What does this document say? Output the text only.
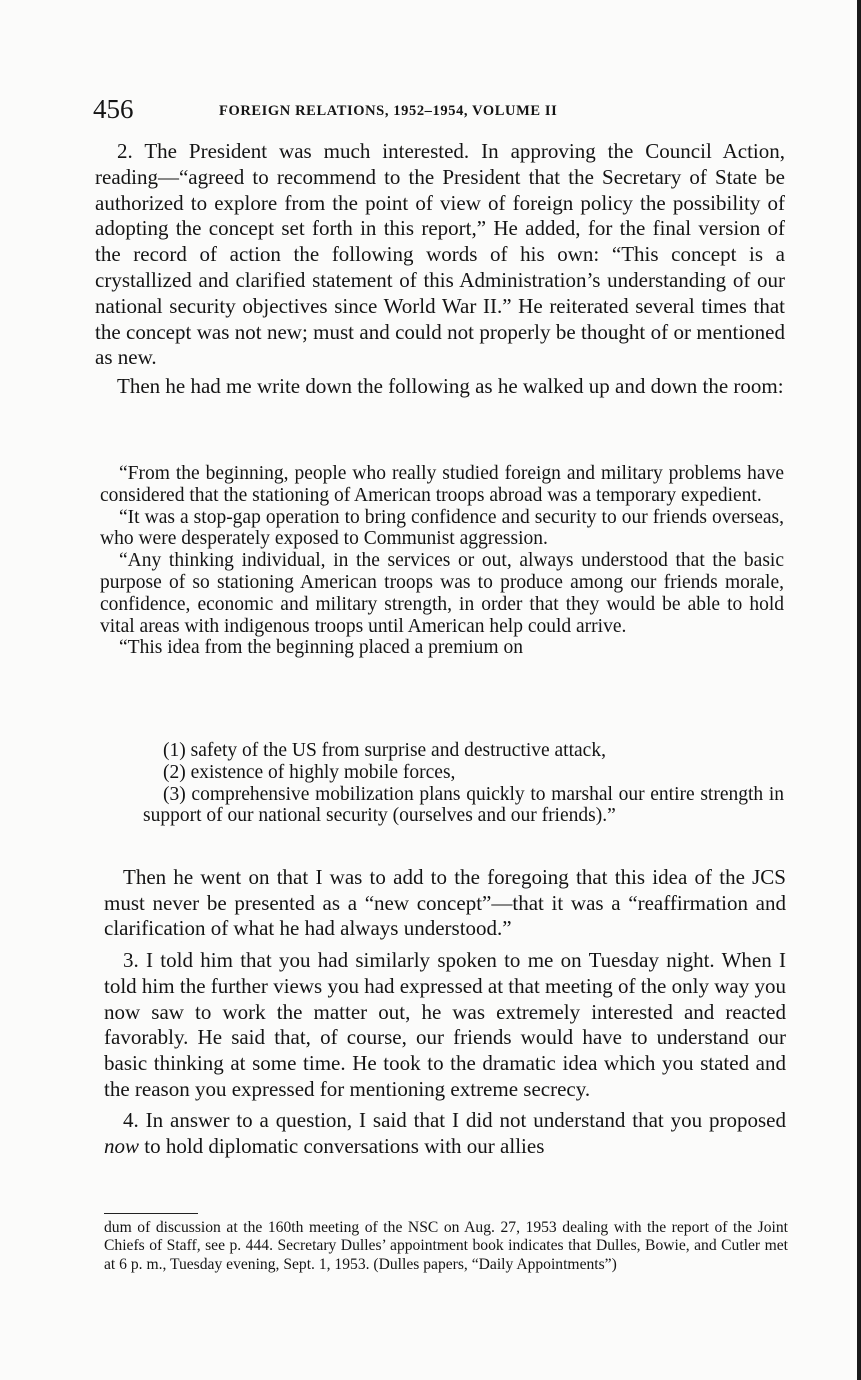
456	FOREIGN RELATIONS, 1952–1954, VOLUME II

2. The President was much interested. In approving the Council Action, reading—“agreed to recommend to the President that the Secretary of State be authorized to explore from the point of view of foreign policy the possibility of adopting the concept set forth in this report,” He added, for the final version of the record of action the following words of his own: “This concept is a crystallized and clarified statement of this Administration’s understanding of our national security objectives since World War II.” He reiterated several times that the concept was not new; must and could not properly be thought of or mentioned as new.

Then he had me write down the following as he walked up and down the room:

“From the beginning, people who really studied foreign and military problems have considered that the stationing of American troops abroad was a temporary expedient.

“It was a stop-gap operation to bring confidence and security to our friends overseas, who were desperately exposed to Communist aggression.

“Any thinking individual, in the services or out, always understood that the basic purpose of so stationing American troops was to produce among our friends morale, confidence, economic and military strength, in order that they would be able to hold vital areas with indigenous troops until American help could arrive.

“This idea from the beginning placed a premium on

(1) safety of the US from surprise and destructive attack,

(2) existence of highly mobile forces,

(3) comprehensive mobilization plans quickly to marshal our entire strength in support of our national security (ourselves and our friends).”

Then he went on that I was to add to the foregoing that this idea of the JCS must never be presented as a “new concept”—that it was a “reaffirmation and clarification of what he had always understood.”

3. I told him that you had similarly spoken to me on Tuesday night. When I told him the further views you had expressed at that meeting of the only way you now saw to work the matter out, he was extremely interested and reacted favorably. He said that, of course, our friends would have to understand our basic thinking at some time. He took to the dramatic idea which you stated and the reason you expressed for mentioning extreme secrecy.

4. In answer to a question, I said that I did not understand that you proposed now to hold diplomatic conversations with our allies

dum of discussion at the 160th meeting of the NSC on Aug. 27, 1953 dealing with the report of the Joint Chiefs of Staff, see p. 444. Secretary Dulles’ appointment book indicates that Dulles, Bowie, and Cutler met at 6 p. m., Tuesday evening, Sept. 1, 1953. (Dulles papers, “Daily Appointments”)
